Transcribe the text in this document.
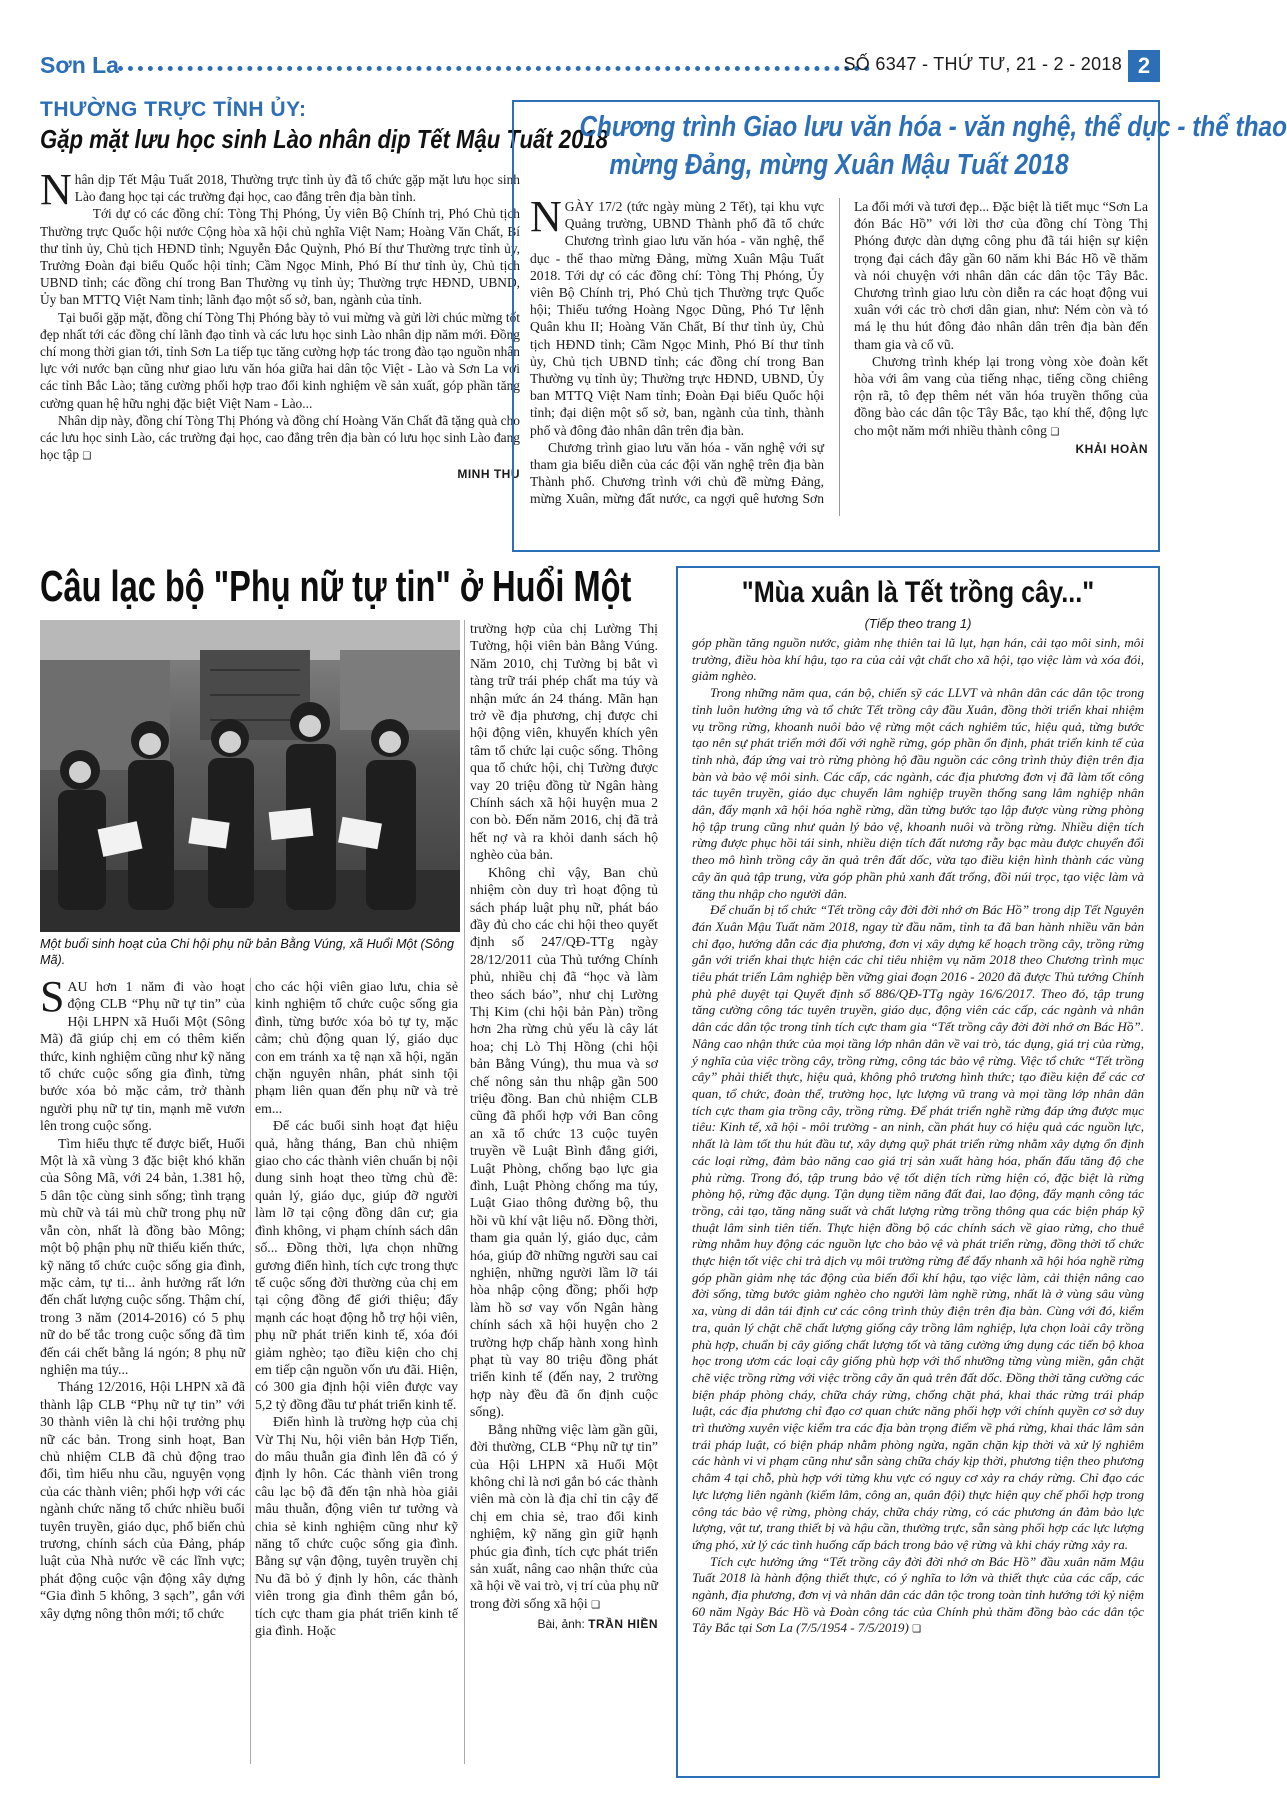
Sơn La	SỐ 6347 - THỨ TƯ, 21 - 2 - 2018 2
THƯỜNG TRỰC TỈNH ỦY:
Gặp mặt lưu học sinh Lào nhân dịp Tết Mậu Tuất 2018

Nhân dịp Tết Mậu Tuất 2018, Thường trực tỉnh ủy đã tổ chức gặp mặt lưu học sinh Lào đang học tại các trường đại học, cao đẳng trên địa bàn tỉnh.

Tới dự có các đồng chí: Tòng Thị Phóng, Ủy viên Bộ Chính trị, Phó Chủ tịch Thường trực Quốc hội nước Cộng hòa xã hội chủ nghĩa Việt Nam; Hoàng Văn Chất, Bí thư tỉnh ủy, Chủ tịch HĐND tỉnh; Nguyễn Đắc Quỳnh, Phó Bí thư Thường trực tỉnh ủy, Trưởng Đoàn đại biểu Quốc hội tỉnh; Cầm Ngọc Minh, Phó Bí thư tỉnh ủy, Chủ tịch UBND tỉnh; các đồng chí trong Ban Thường vụ tỉnh ủy; Thường trực HĐND, UBND, Ủy ban MTTQ Việt Nam tỉnh; lãnh đạo một số sở, ban, ngành của tỉnh.

Tại buổi gặp mặt, đồng chí Tòng Thị Phóng bày tỏ vui mừng và gửi lời chúc mừng tốt đẹp nhất tới các đồng chí lãnh đạo tỉnh và các lưu học sinh Lào nhân dịp năm mới. Đồng chí mong thời gian tới, tỉnh Sơn La tiếp tục tăng cường hợp tác trong đào tạo nguồn nhân lực với nước bạn cũng như giao lưu văn hóa giữa hai dân tộc Việt - Lào và Sơn La với các tỉnh Bắc Lào; tăng cường phối hợp trao đổi kinh nghiệm về sản xuất, góp phần tăng cường quan hệ hữu nghị đặc biệt Việt Nam - Lào...

Nhân dịp này, đồng chí Tòng Thị Phóng và đồng chí Hoàng Văn Chất đã tặng quà cho các lưu học sinh Lào, các trường đại học, cao đẳng trên địa bàn có lưu học sinh Lào đang học tập ❑

MINH THU
Chương trình Giao lưu văn hóa - văn nghệ, thể dục - thể thao
mừng Đảng, mừng Xuân Mậu Tuất 2018

NGÀY 17/2 (tức ngày mùng 2 Tết), tại khu vực Quảng trường, UBND Thành phố đã tổ chức Chương trình giao lưu văn hóa - văn nghệ, thể dục - thể thao mừng Đảng, mừng Xuân Mậu Tuất 2018. Tới dự có các đồng chí: Tòng Thị Phóng, Ủy viên Bộ Chính trị, Phó Chủ tịch Thường trực Quốc hội; Thiếu tướng Hoàng Ngọc Dũng, Phó Tư lệnh Quân khu II; Hoàng Văn Chất, Bí thư tỉnh ủy, Chủ tịch HĐND tỉnh; Cầm Ngọc Minh, Phó Bí thư tỉnh ủy, Chủ tịch UBND tỉnh; các đồng chí trong Ban Thường vụ tỉnh ủy; Thường trực HĐND, UBND, Ủy ban MTTQ Việt Nam tỉnh; Đoàn Đại biểu Quốc hội tỉnh; đại diện một số sở, ban, ngành của tỉnh, thành phố và đông đảo nhân dân trên địa bàn.

Chương trình giao lưu văn hóa - văn nghệ với sự tham gia biểu diễn của các đội văn nghệ trên địa bàn Thành phố. Chương trình với chủ đề mừng Đảng, mừng Xuân, mừng đất nước, ca ngợi quê hương Sơn La đổi mới và tươi đẹp... Đặc biệt là tiết mục “Sơn La đón Bác Hồ” với lời thơ của đồng chí Tòng Thị Phóng được dàn dựng công phu đã tái hiện sự kiện trọng đại cách đây gần 60 năm khi Bác Hồ về thăm và nói chuyện với nhân dân các dân tộc Tây Bắc. Chương trình giao lưu còn diễn ra các hoạt động vui xuân với các trò chơi dân gian, như: Ném còn và tó má lẹ thu hút đông đảo nhân dân trên địa bàn đến tham gia và cổ vũ.

Chương trình khép lại trong vòng xòe đoàn kết hòa với âm vang của tiếng nhạc, tiếng cồng chiêng rộn rã, tô đẹp thêm nét văn hóa truyền thống của đồng bào các dân tộc Tây Bắc, tạo khí thế, động lực cho một năm mới nhiều thành công ❑

KHẢI HOÀN
Câu lạc bộ "Phụ nữ tự tin" ở Huổi Một
Một buổi sinh hoạt của Chi hội phụ nữ bản Bằng Vúng, xã Huổi Một (Sông Mã).

SAU hơn 1 năm đi vào hoạt động CLB “Phụ nữ tự tin” của Hội LHPN xã Huổi Một (Sông Mã) đã giúp chị em có thêm kiến thức, kinh nghiệm cũng như kỹ năng tổ chức cuộc sống gia đình, từng bước xóa bỏ mặc cảm, trở thành người phụ nữ tự tin, mạnh mẽ vươn lên trong cuộc sống.

Tìm hiểu thực tế được biết, Huổi Một là xã vùng 3 đặc biệt khó khăn của Sông Mã, với 24 bản, 1.381 hộ, 5 dân tộc cùng sinh sống; tình trạng mù chữ và tái mù chữ trong phụ nữ vẫn còn, nhất là đồng bào Mông; một bộ phận phụ nữ thiếu kiến thức, kỹ năng tổ chức cuộc sống gia đình, mặc cảm, tự ti... ảnh hưởng rất lớn đến chất lượng cuộc sống. Thậm chí, trong 3 năm (2014-2016) có 5 phụ nữ do bế tắc trong cuộc sống đã tìm đến cái chết bằng lá ngón; 8 phụ nữ nghiện ma túy...

Tháng 12/2016, Hội LHPN xã đã thành lập CLB “Phụ nữ tự tin” với 30 thành viên là chi hội trưởng phụ nữ các bản. Trong sinh hoạt, Ban chủ nhiệm CLB đã chủ động trao đổi, tìm hiểu nhu cầu, nguyện vọng của các thành viên; phối hợp với các ngành chức năng tổ chức nhiều buổi tuyên truyền, giáo dục, phổ biến chủ trương, chính sách của Đảng, pháp luật của Nhà nước về các lĩnh vực; phát động cuộc vận động xây dựng “Gia đình 5 không, 3 sạch”, gắn với xây dựng nông thôn mới; tổ chức

cho các hội viên giao lưu, chia sẻ kinh nghiệm tổ chức cuộc sống gia đình, từng bước xóa bỏ tự ty, mặc cảm; chủ động quan lý, giáo dục con em tránh xa tệ nạn xã hội, ngăn chặn nguyên nhân, phát sinh tội phạm liên quan đến phụ nữ và trẻ em...

Để các buổi sinh hoạt đạt hiệu quả, hằng tháng, Ban chủ nhiệm giao cho các thành viên chuẩn bị nội dung sinh hoạt theo từng chủ đề: quản lý, giáo dục, giúp đỡ người làm lỡ tại cộng đồng dân cư; gia đình không, vi phạm chính sách dân số... Đồng thời, lựa chọn những gương điển hình, tích cực trong thực tế cuộc sống đời thường của chị em tại cộng đồng để giới thiệu; đẩy mạnh các hoạt động hỗ trợ hội viên, phụ nữ phát triển kinh tế, xóa đói giảm nghèo; tạo điều kiện cho chị em tiếp cận nguồn vốn ưu đãi. Hiện, có 300 gia định hội viên được vay 5,2 tỷ đồng đầu tư phát triển kinh tế.

Điển hình là trường hợp của chị Vừ Thị Nu, hội viên bản Hợp Tiến, do mâu thuẫn gia đình lên đã có ý định ly hôn. Các thành viên trong câu lạc bộ đã đến tận nhà hòa giải mâu thuẫn, động viên tư tưởng và chia sẻ kinh nghiệm cũng như kỹ năng tổ chức cuộc sống gia đình. Bằng sự vận động, tuyên truyền chị Nu đã bỏ ý định ly hôn, các thành viên trong gia đình thêm gắn bó, tích cực tham gia phát triển kinh tế gia đình. Hoặc

trường hợp của chị Lường Thị Tường, hội viên bản Bằng Vúng. Năm 2010, chị Tường bị bắt vì tàng trữ trái phép chất ma túy và nhận mức án 24 tháng. Mãn hạn trở về địa phương, chị được chi hội động viên, khuyến khích yên tâm tổ chức lại cuộc sống. Thông qua tổ chức hội, chị Tường được vay 20 triệu đồng từ Ngân hàng Chính sách xã hội huyện mua 2 con bò. Đến năm 2016, chị đã trả hết nợ và ra khỏi danh sách hộ nghèo của bản.

Không chỉ vậy, Ban chủ nhiệm còn duy trì hoạt động tủ sách pháp luật phụ nữ, phát báo đầy đủ cho các chi hội theo quyết định số 247/QĐ-TTg ngày 28/12/2011 của Thủ tướng Chính phủ, nhiều chị đã “học và làm theo sách báo”, như chị Lường Thị Kim (chi hội bản Pàn) trồng hơn 2ha rừng chủ yếu là cây lát hoa; chị Lò Thị Hồng (chi hội bản Bằng Vúng), thu mua và sơ chế nông sản thu nhập gần 500 triệu đồng. Ban chủ nhiệm CLB cũng đã phối hợp với Ban công an xã tổ chức 13 cuộc tuyên truyền về Luật Bình đẳng giới, Luật Phòng, chống bạo lực gia đình, Luật Phòng chống ma túy, Luật Giao thông đường bộ, thu hồi vũ khí vật liệu nổ. Đồng thời, tham gia quản lý, giáo dục, cảm hóa, giúp đỡ những người sau cai nghiện, những người lầm lỡ tái hòa nhập cộng đồng; phối hợp làm hồ sơ vay vốn Ngân hàng chính sách xã hội huyện cho 2 trường hợp chấp hành xong hình phạt tù vay 80 triệu đồng phát triển kinh tế (đến nay, 2 trường hợp này đều đã ổn định cuộc sống).

Bằng những việc làm gần gũi, đời thường, CLB “Phụ nữ tự tin” của Hội LHPN xã Huổi Một không chỉ là nơi gắn bó các thành viên mà còn là địa chỉ tin cậy để chị em chia sẻ, trao đổi kinh nghiệm, kỹ năng gìn giữ hạnh phúc gia đình, tích cực phát triển sản xuất, nâng cao nhận thức của xã hội về vai trò, vị trí của phụ nữ trong đời sống xã hội ❑

Bài, ảnh: TRẦN HIỀN
"Mùa xuân là Tết trồng cây..."
(Tiếp theo trang 1)

góp phần tăng nguồn nước, giảm nhẹ thiên tai lũ lụt, hạn hán, cải tạo môi sinh, môi trường, điều hòa khí hậu, tạo ra của cải vật chất cho xã hội, tạo việc làm và xóa đói, giảm nghèo.

Trong những năm qua, cán bộ, chiến sỹ các LLVT và nhân dân các dân tộc trong tỉnh luôn hưởng ứng và tổ chức Tết trồng cây đầu Xuân, đồng thời triển khai nhiệm vụ trồng rừng, khoanh nuôi bảo vệ rừng một cách nghiêm túc, hiệu quả, từng bước tạo nên sự phát triển mới đối với nghề rừng, góp phần ổn định, phát triển kinh tế của tỉnh nhà, đáp ứng vai trò rừng phòng hộ đầu nguồn các công trình thủy điện trên địa bàn và bảo vệ môi sinh. Các cấp, các ngành, các địa phương đơn vị đã làm tốt công tác tuyên truyền, giáo dục chuyển lâm nghiệp truyền thống sang lâm nghiệp nhân dân, đẩy mạnh xã hội hóa nghề rừng, dần từng bước tạo lập được vùng rừng phòng hộ tập trung cũng như quản lý bảo vệ, khoanh nuôi và trồng rừng. Nhiều diện tích rừng được phục hồi tái sinh, nhiều diện tích đất nương rẫy bạc màu được chuyển đổi theo mô hình trồng cây ăn quả trên đất dốc, vừa tạo điều kiện hình thành các vùng cây ăn quả tập trung, vừa góp phần phủ xanh đất trống, đồi núi trọc, tạo việc làm và tăng thu nhập cho người dân.

Để chuẩn bị tổ chức “Tết trồng cây đời đời nhớ ơn Bác Hồ” trong dịp Tết Nguyên đán Xuân Mậu Tuất năm 2018, ngay từ đầu năm, tỉnh ta đã ban hành nhiều văn bản chỉ đạo, hướng dẫn các địa phương, đơn vị xây dựng kế hoạch trồng cây, trồng rừng gắn với triển khai thực hiện các chỉ tiêu nhiệm vụ năm 2018 theo Chương trình mục tiêu phát triển Lâm nghiệp bền vững giai đoạn 2016 - 2020 đã được Thủ tướng Chính phủ phê duyệt tại Quyết định số 886/QĐ-TTg ngày 16/6/2017. Theo đó, tập trung tăng cường công tác tuyên truyền, giáo dục, động viên các cấp, các ngành và nhân dân các dân tộc trong tỉnh tích cực tham gia “Tết trồng cây đời đời nhớ ơn Bác Hồ”. Nâng cao nhận thức của mọi tầng lớp nhân dân về vai trò, tác dụng, giá trị của rừng, ý nghĩa của việc trồng cây, trồng rừng, công tác bảo vệ rừng. Việc tổ chức “Tết trồng cây” phải thiết thực, hiệu quả, không phô trương hình thức; tạo điều kiện để các cơ quan, tổ chức, đoàn thể, trường học, lực lượng vũ trang và mọi tầng lớp nhân dân tích cực tham gia trồng cây, trồng rừng. Để phát triển nghề rừng đáp ứng được mục tiêu: Kinh tế, xã hội - môi trường - an ninh, cần phát huy có hiệu quả các nguồn lực, nhất là làm tốt thu hút đầu tư, xây dựng quỹ phát triển rừng nhằm xây dựng ổn định các loại rừng, đảm bảo năng cao giá trị sản xuất hàng hóa, phấn đấu tăng độ che phủ rừng. Trong đó, tập trung bảo vệ tốt diện tích rừng hiện có, đặc biệt là rừng phòng hộ, rừng đặc dụng. Tận dụng tiềm năng đất đai, lao động, đẩy mạnh công tác trồng, cải tạo, tăng năng suất và chất lượng rừng trồng thông qua các biện pháp kỹ thuật lâm sinh tiên tiến. Thực hiện đồng bộ các chính sách về giao rừng, cho thuê rừng nhằm huy động các nguồn lực cho bảo vệ và phát triển rừng, đồng thời tổ chức thực hiện tốt việc chi trả dịch vụ môi trường rừng để đẩy nhanh xã hội hóa nghề rừng góp phần giảm nhẹ tác động của biến đổi khí hậu, tạo việc làm, cải thiện nâng cao đời sống, từng bước giảm nghèo cho người làm nghề rừng, nhất là ở vùng sâu vùng xa, vùng di dân tái định cư các công trình thủy điện trên địa bàn. Cùng với đó, kiểm tra, quản lý chặt chẽ chất lượng giống cây trồng lâm nghiệp, lựa chọn loài cây trồng phù hợp, chuẩn bị cây giống chất lượng tốt và tăng cường ứng dụng các tiến bộ khoa học trong ươm các loại cây giống phù hợp với thổ nhưỡng từng vùng miền, gắn chặt chẽ việc trồng rừng với việc trồng cây ăn quả trên đất dốc. Đồng thời tăng cường các biện pháp phòng cháy, chữa cháy rừng, chống chặt phá, khai thác rừng trái pháp luật, các địa phương chỉ đạo cơ quan chức năng phối hợp với chính quyền cơ sở duy trì thường xuyên việc kiểm tra các địa bàn trọng điểm về phá rừng, khai thác lâm sản trái pháp luật, có biện pháp nhằm phòng ngừa, ngăn chặn kịp thời và xử lý nghiêm các hành vi vi phạm cũng như sẵn sàng chữa cháy kịp thời, phương tiện theo phương châm 4 tại chỗ, phù hợp với từng khu vực có nguy cơ xảy ra cháy rừng. Chỉ đạo các lực lượng liên ngành (kiểm lâm, công an, quân đội) thực hiện quy chế phối hợp trong công tác bảo vệ rừng, phòng cháy, chữa cháy rừng, có các phương án đảm bảo lực lượng, vật tư, trang thiết bị và hậu cần, thường trực, sẵn sàng phối hợp các lực lượng ứng phó, xử lý các tình huống cấp bách trong bảo vệ rừng và khi cháy rừng xảy ra.

Tích cực hưởng ứng “Tết trồng cây đời đời nhớ ơn Bác Hồ” đầu xuân năm Mậu Tuất 2018 là hành động thiết thực, có ý nghĩa to lớn và thiết thực của các cấp, các ngành, địa phương, đơn vị và nhân dân các dân tộc trong toàn tỉnh hướng tới kỷ niệm 60 năm Ngày Bác Hồ và Đoàn công tác của Chính phủ thăm đồng bào các dân tộc Tây Bắc tại Sơn La (7/5/1954 - 7/5/2019) ❑
